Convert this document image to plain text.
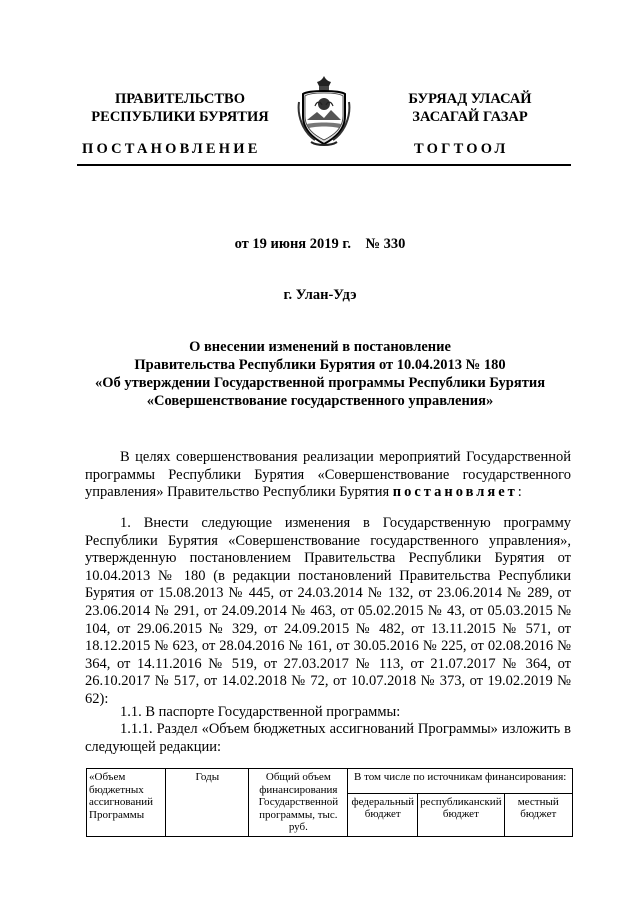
ПРАВИТЕЛЬСТВО
РЕСПУБЛИКИ БУРЯТИЯ
БУРЯАД УЛАСАЙ
ЗАСАГАЙ ГАЗАР
ПОСТАНОВЛЕНИЕ	ТОГТООЛ
от 19 июня 2019 г.    № 330
г. Улан-Удэ
О внесении изменений в постановление
Правительства Республики Бурятия от 10.04.2013 № 180
«Об утверждении Государственной программы Республики Бурятия
«Совершенствование государственного управления»
В целях совершенствования реализации мероприятий Государственной программы Республики Бурятия «Совершенствование государственного управления» Правительство Республики Бурятия постановляет:
1. Внести следующие изменения в Государственную программу Республики Бурятия «Совершенствование государственного управления», утвержденную постановлением Правительства Республики Бурятия от 10.04.2013 № 180 (в редакции постановлений Правительства Республики Бурятия от 15.08.2013 № 445, от 24.03.2014 № 132, от 23.06.2014 № 289, от 23.06.2014 № 291, от 24.09.2014 № 463, от 05.02.2015 № 43, от 05.03.2015 № 104, от 29.06.2015 № 329, от 24.09.2015 № 482, от 13.11.2015 № 571, от 18.12.2015 № 623, от 28.04.2016 № 161, от 30.05.2016 № 225, от 02.08.2016 № 364, от 14.11.2016 № 519, от 27.03.2017 № 113, от 21.07.2017 № 364, от 26.10.2017 № 517, от 14.02.2018 № 72, от 10.07.2018 № 373, от 19.02.2019 № 62):
1.1. В паспорте Государственной программы:
1.1.1. Раздел «Объем бюджетных ассигнований Программы» изложить в следующей редакции:
«Объем бюджетных ассигнований Программы	Годы	Общий объем финансирования Государственной программы, тыс. руб.	В том числе по источникам финансирования:		
			федеральный бюджет	республиканский бюджет	местный бюджет
